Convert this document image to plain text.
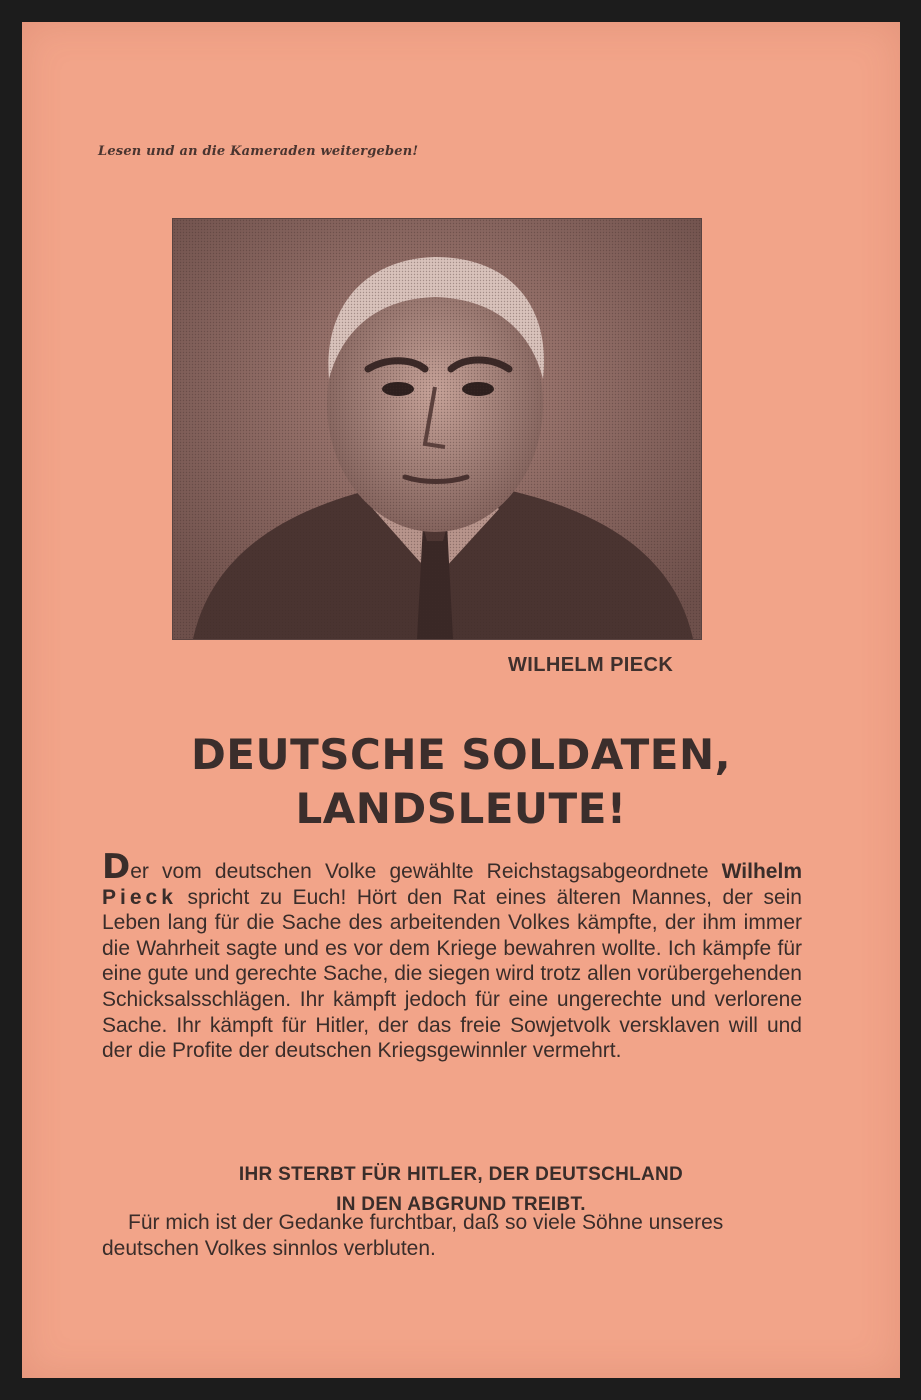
Lesen und an die Kameraden weitergeben!
WILHELM PIECK
DEUTSCHE SOLDATEN,
LANDSLEUTE!
Der vom deutschen Volke gewählte Reichstagsabgeordnete Wilhelm Pieck spricht zu Euch! Hört den Rat eines älteren Mannes, der sein Leben lang für die Sache des arbeitenden Volkes kämpfte, der ihm immer die Wahrheit sagte und es vor dem Kriege bewahren wollte. Ich kämpfe für eine gute und gerechte Sache, die siegen wird trotz allen vorübergehenden Schicksalsschlägen. Ihr kämpft jedoch für eine ungerechte und verlorene Sache. Ihr kämpft für Hitler, der das freie Sowjetvolk versklaven will und der die Profite der deutschen Kriegsgewinnler vermehrt.
IHR STERBT FÜR HITLER, DER DEUTSCHLAND
IN DEN ABGRUND TREIBT.
Für mich ist der Gedanke furchtbar, daß so viele Söhne unseres deutschen Volkes sinnlos verbluten.
